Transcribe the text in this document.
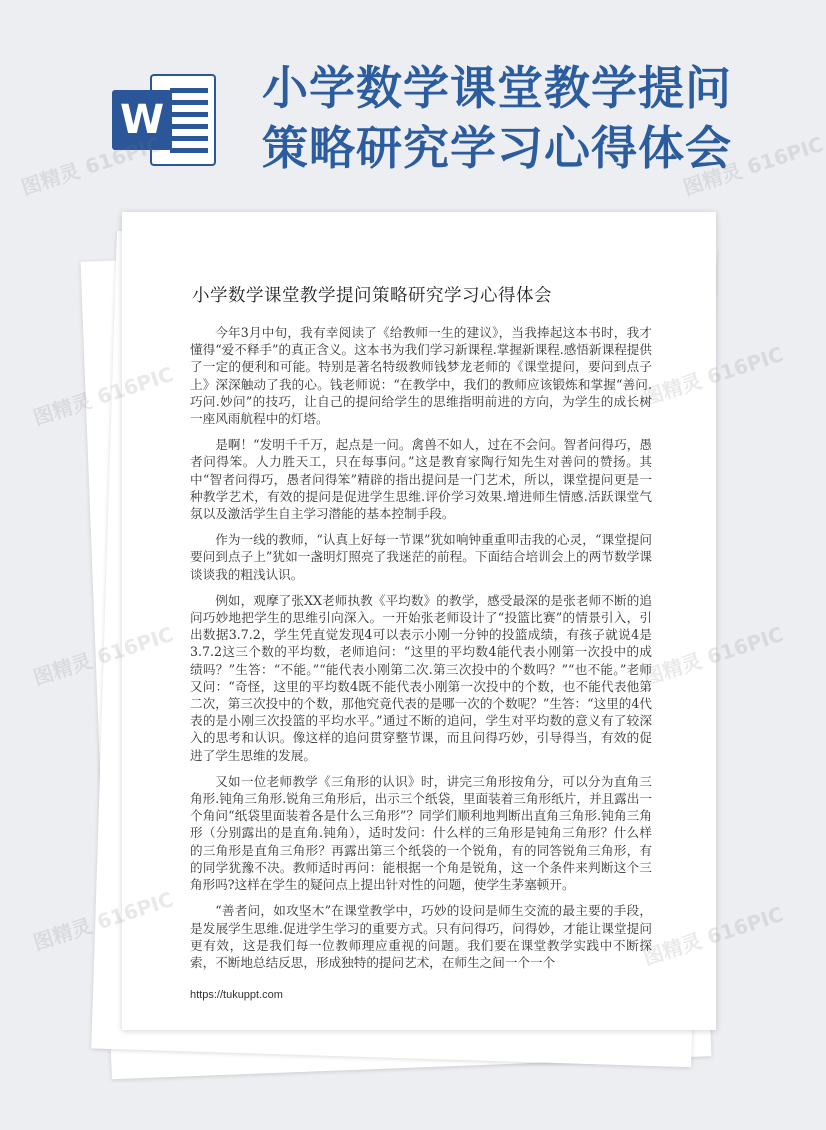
W
小学数学课堂教学提问
策略研究学习心得体会
小学数学课堂教学提问策略研究学习心得体会

今年3月中旬，我有幸阅读了《给教师一生的建议》，当我捧起这本书时，我才懂得“爱不释手”的真正含义。这本书为我们学习新课程.掌握新课程.感悟新课程提供了一定的便利和可能。特别是著名特级教师钱梦龙老师的《课堂提问，要问到点子上》深深触动了我的心。钱老师说：“在教学中，我们的教师应该锻炼和掌握“善问.巧问.妙问”的技巧，让自己的提问给学生的思维指明前进的方向，为学生的成长树一座风雨航程中的灯塔。

是啊！“发明千千万，起点是一问。禽兽不如人，过在不会问。智者问得巧，愚者问得笨。人力胜天工，只在每事问。”这是教育家陶行知先生对善问的赞扬。其中“智者问得巧，愚者问得笨”精辟的指出提问是一门艺术，所以，课堂提问更是一种教学艺术，有效的提问是促进学生思维.评价学习效果.增进师生情感.活跃课堂气氛以及激活学生自主学习潜能的基本控制手段。

作为一线的教师，“认真上好每一节课”犹如响钟重重叩击我的心灵，“课堂提问要问到点子上”犹如一盏明灯照亮了我迷茫的前程。下面结合培训会上的两节数学课谈谈我的粗浅认识。

例如，观摩了张XX老师执教《平均数》的教学，感受最深的是张老师不断的追问巧妙地把学生的思维引向深入。一开始张老师设计了“投篮比赛”的情景引入，引出数据3.7.2，学生凭直觉发现4可以表示小刚一分钟的投篮成绩，有孩子就说4是3.7.2这三个数的平均数，老师追问：“这里的平均数4能代表小刚第一次投中的成绩吗？”生答：“不能。”“能代表小刚第二次.第三次投中的个数吗？”“也不能。”老师又问：“奇怪，这里的平均数4既不能代表小刚第一次投中的个数，也不能代表他第二次，第三次投中的个数，那他究竟代表的是哪一次的个数呢？”生答：“这里的4代表的是小刚三次投篮的平均水平。”通过不断的追问，学生对平均数的意义有了较深入的思考和认识。像这样的追问贯穿整节课，而且问得巧妙，引导得当，有效的促进了学生思维的发展。

又如一位老师教学《三角形的认识》时，讲完三角形按角分，可以分为直角三角形.钝角三角形.锐角三角形后，出示三个纸袋，里面装着三角形纸片，并且露出一个角问“纸袋里面装着各是什么三角形”？同学们顺利地判断出直角三角形.钝角三角形（分别露出的是直角.钝角），适时发问：什么样的三角形是钝角三角形？什么样的三角形是直角三角形？再露出第三个纸袋的一个锐角，有的同答锐角三角形，有的同学犹豫不决。教师适时再问：能根据一个角是锐角，这一个条件来判断这个三角形吗?这样在学生的疑问点上提出针对性的问题，使学生茅塞顿开。

“善者问，如攻坚木”在课堂教学中，巧妙的设问是师生交流的最主要的手段，是发展学生思维.促进学生学习的重要方式。只有问得巧，问得妙，才能让课堂提问更有效，这是我们每一位教师理应重视的问题。我们要在课堂教学实践中不断探索，不断地总结反思，形成独特的提问艺术，在师生之间一个一个

https://tukuppt.com
图精灵 616PIC	图精灵 616PIC
图精灵
616PIC
图精灵
616PIC
图精灵	616PIC
